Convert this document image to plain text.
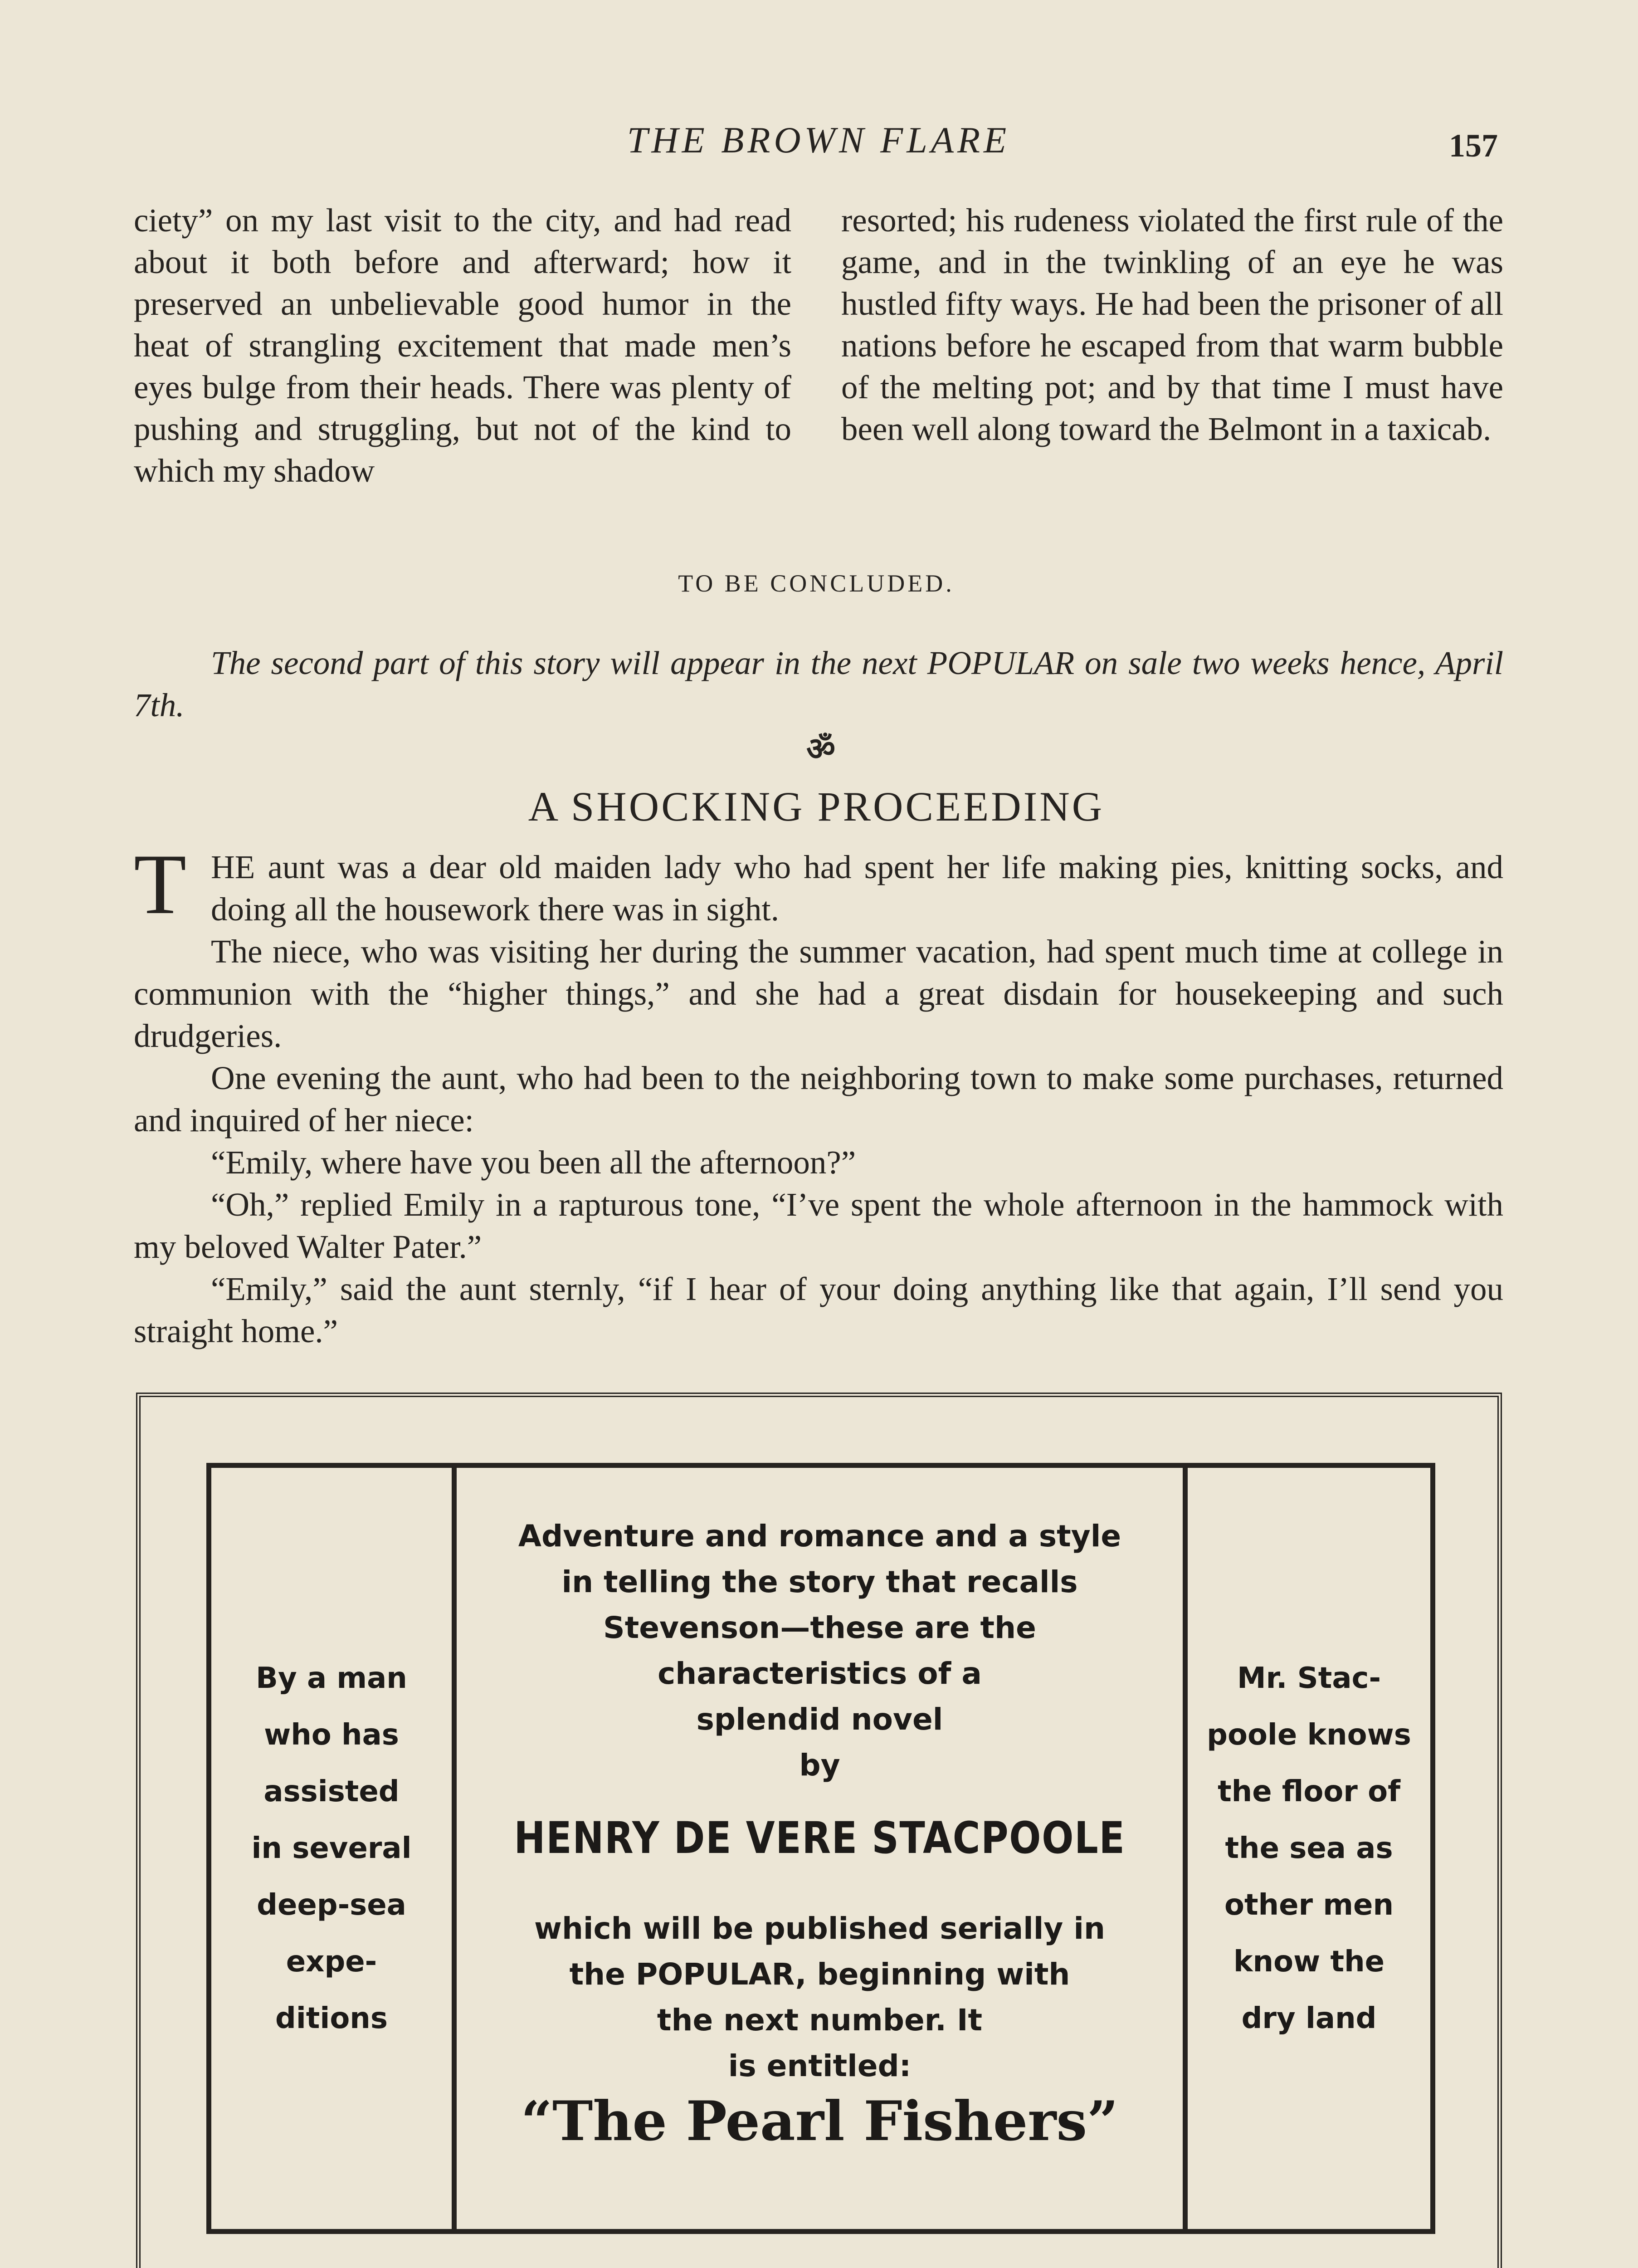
THE BROWN FLARE	157

ciety” on my last visit to the city, and had read about it both before and afterward; how it preserved an unbelievable good humor in the heat of strangling excitement that made men’s eyes bulge from their heads. There was plenty of pushing and struggling, but not of the kind to which my shadow

resorted; his rudeness violated the first rule of the game, and in the twinkling of an eye he was hustled fifty ways. He had been the prisoner of all nations before he escaped from that warm bubble of the melting pot; and by that time I must have been well along toward the Belmont in a taxicab.

TO BE CONCLUDED.
The second part of this story will appear in the next POPULAR on sale two weeks hence, April 7th.
ॐ
A SHOCKING PROCEEDING

T HE aunt was a dear old maiden lady who had spent her life making pies, knitting socks, and doing all the housework there was in sight.

The niece, who was visiting her during the summer vacation, had spent much time at college in communion with the “higher things,” and she had a great disdain for housekeeping and such drudgeries.

One evening the aunt, who had been to the neighboring town to make some purchases, returned and inquired of her niece:

“Emily, where have you been all the afternoon?”

“Oh,” replied Emily in a rapturous tone, “I’ve spent the whole afternoon in the hammock with my beloved Walter Pater.”

“Emily,” said the aunt sternly, “if I hear of your doing anything like that again, I’ll send you straight home.”

By a man
who has
assisted
in several
deep-sea
expe-
ditions
Adventure and romance and a style
in telling the story that recalls
Stevenson—these are the
characteristics of a
splendid novel
by
HENRY DE VERE STACPOOLE
which will be published serially in
the POPULAR, beginning with
the next number. It
is entitled:
“The Pearl Fishers”
Mr. Stac-
poole knows
the floor of
the sea as
other men
know the
dry land
